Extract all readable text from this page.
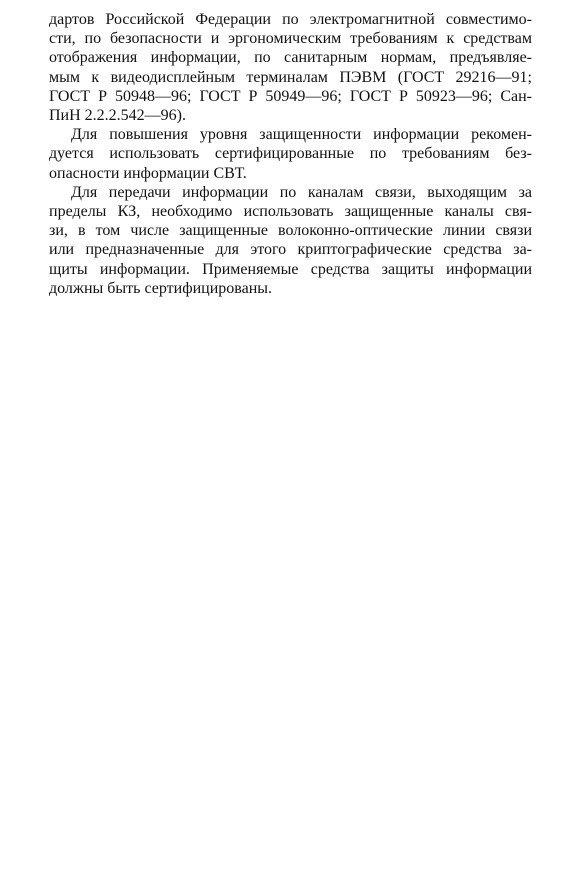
дартов Российской Федерации по электромагнитной совместимо-
сти, по безопасности и эргономическим требованиям к средствам
отображения информации, по санитарным нормам, предъявляе-
мым к видеодисплейным терминалам ПЭВМ (ГОСТ 29216—91;
ГОСТ Р 50948—96; ГОСТ Р 50949—96; ГОСТ Р 50923—96; Сан-
ПиН 2.2.2.542—96).

Для повышения уровня защищенности информации рекомен-
дуется использовать сертифицированные по требованиям без-
опасности информации СВТ.

Для передачи информации по каналам связи, выходящим за
пределы КЗ, необходимо использовать защищенные каналы свя-
зи, в том числе защищенные волоконно-оптические линии связи
или предназначенные для этого криптографические средства за-
щиты информации. Применяемые средства защиты информации
должны быть сертифицированы.
